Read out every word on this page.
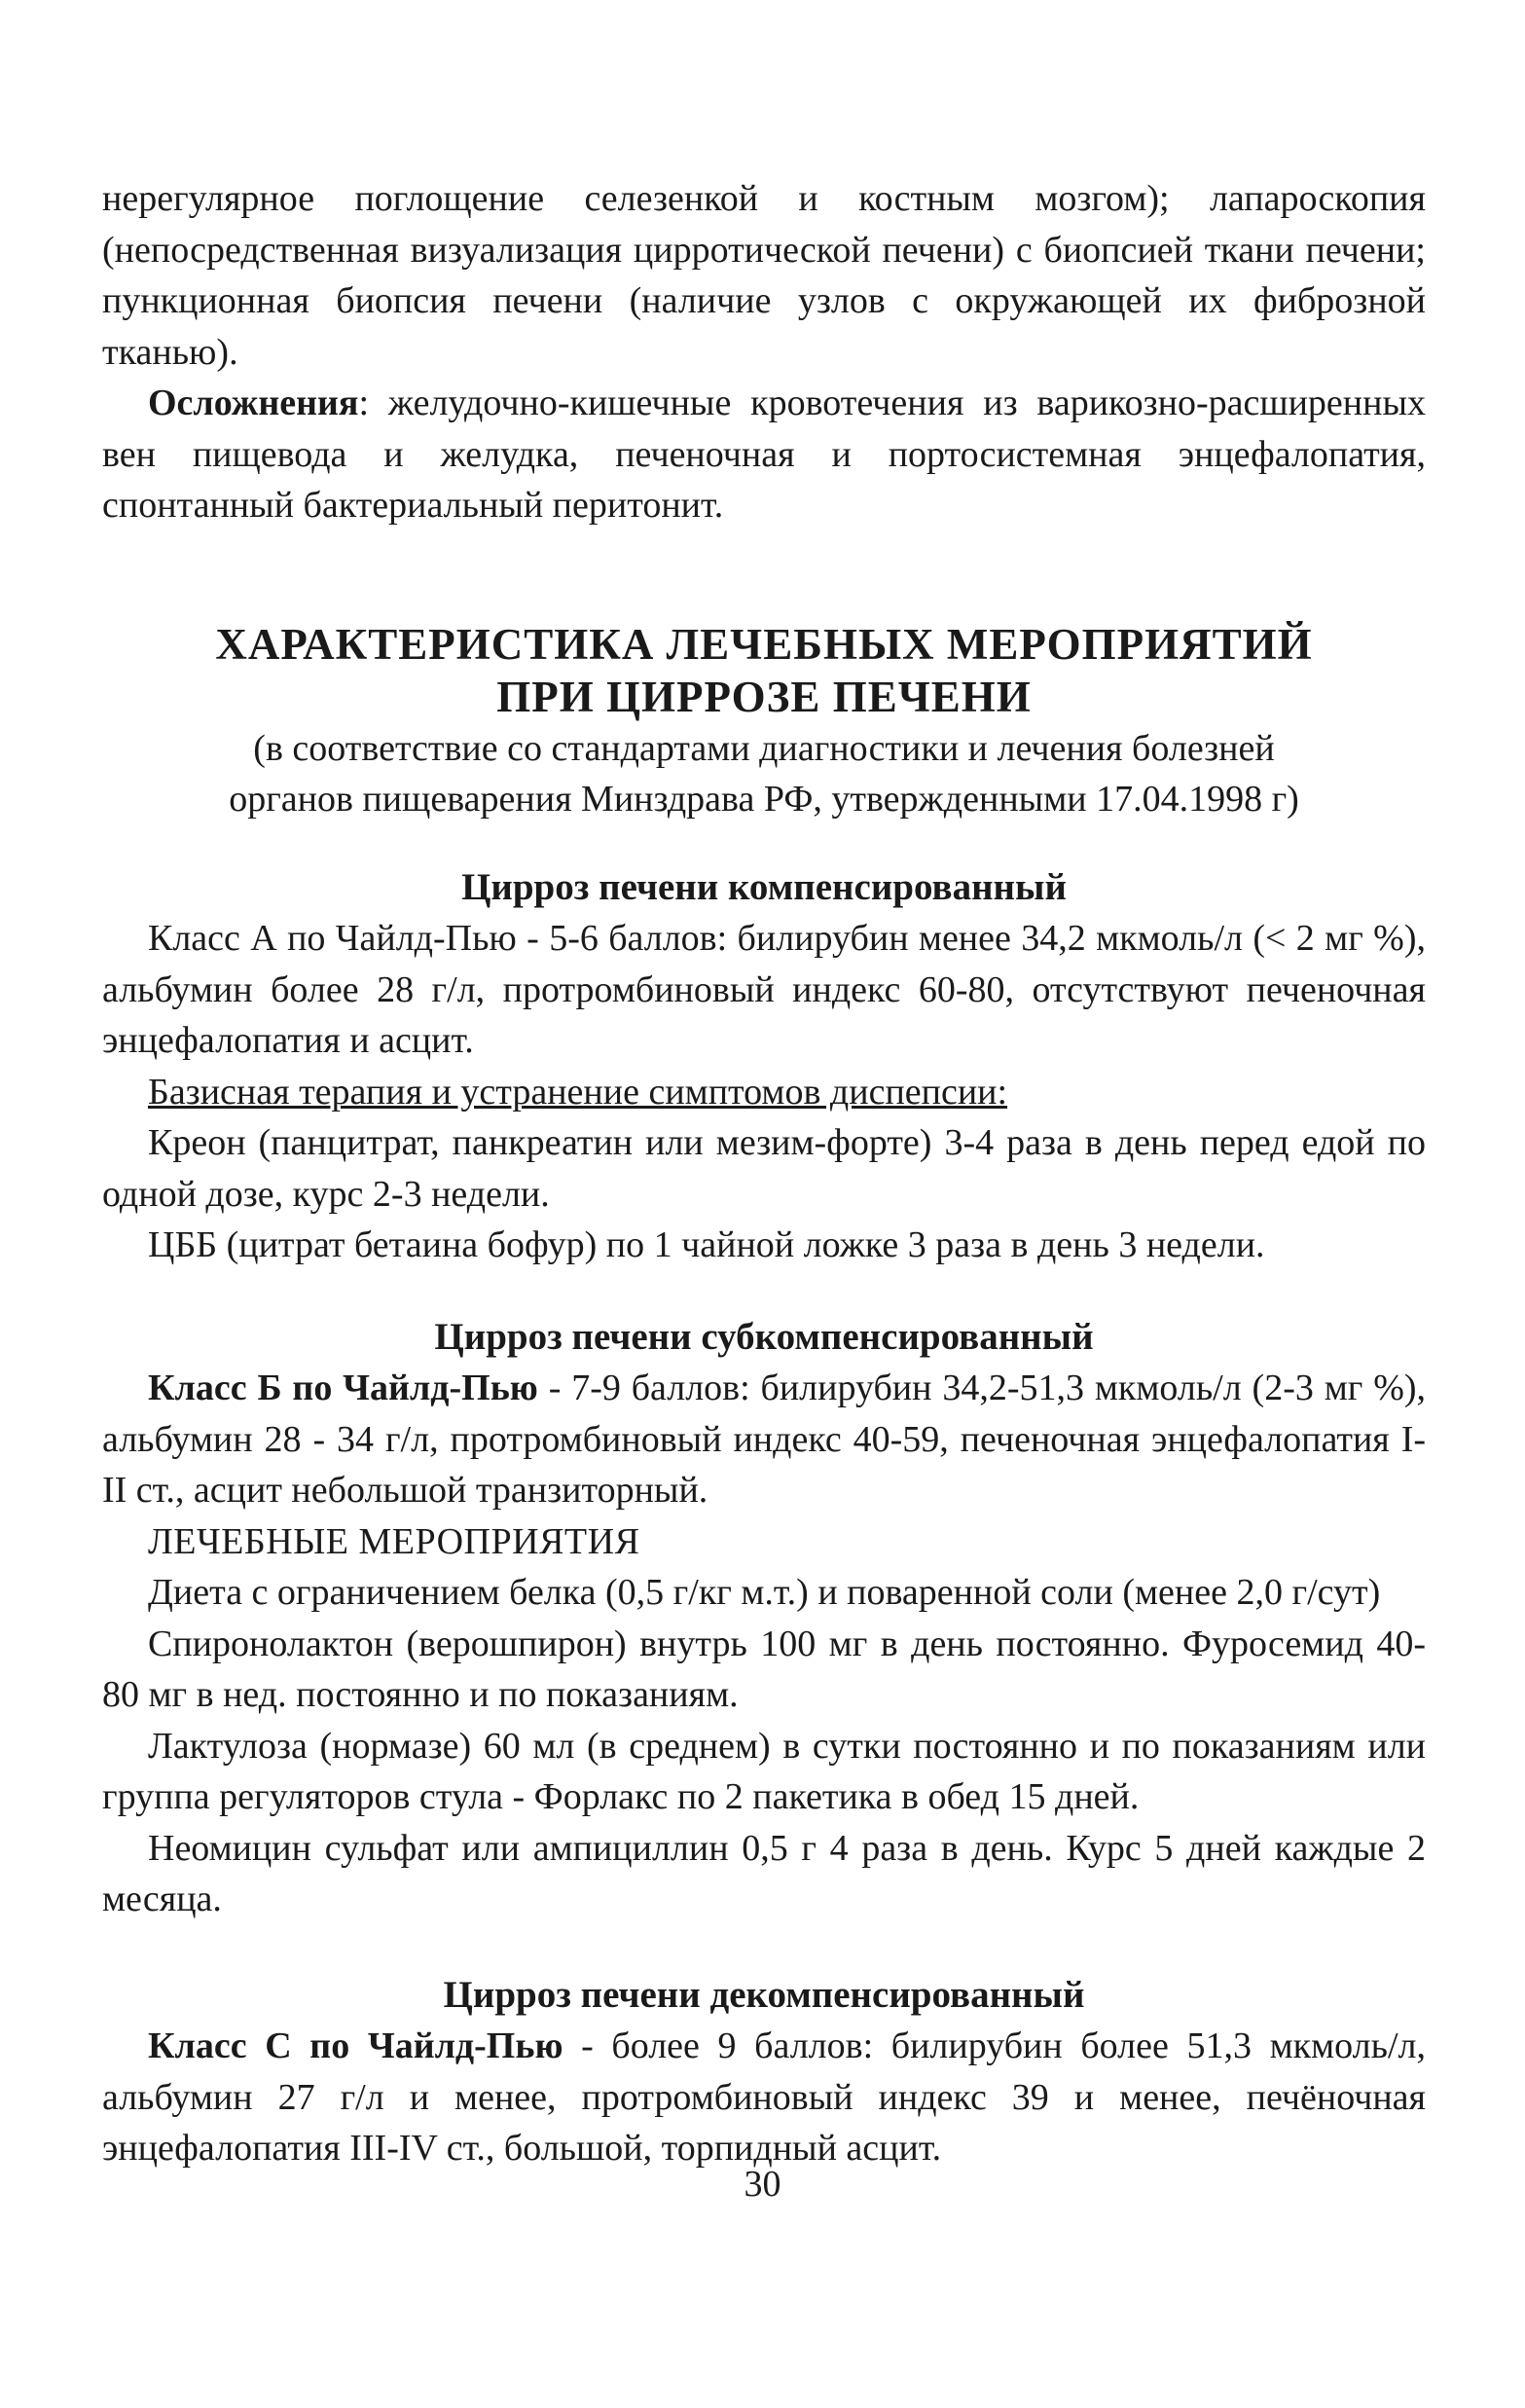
нерегулярное поглощение селезенкой и костным мозгом); лапароскопия (непосредственная визуализация цирротической печени) с биопсией ткани печени; пункционная биопсия печени (наличие узлов с окружающей их фиброзной тканью).

Осложнения: желудочно-кишечные кровотечения из варикозно-расширенных вен пищевода и желудка, печеночная и портосистемная энцефалопатия, спонтанный бактериальный перитонит.

ХАРАКТЕРИСТИКА ЛЕЧЕБНЫХ МЕРОПРИЯТИЙ
ПРИ ЦИРРОЗЕ ПЕЧЕНИ
(в соответствие со стандартами диагностики и лечения болезней
органов пищеварения Минздрава РФ, утвержденными 17.04.1998 г)
Цирроз печени компенсированный

Класс А по Чайлд-Пью - 5-6 баллов: билирубин менее 34,2 мкмоль/л (< 2 мг %), альбумин более 28 г/л, протромбиновый индекс 60-80, отсутствуют печеночная энцефалопатия и асцит.

Базисная терапия и устранение симптомов диспепсии:

Креон (панцитрат, панкреатин или мезим-форте) 3-4 раза в день перед едой по одной дозе, курс 2-3 недели.

ЦББ (цитрат бетаина бофур) по 1 чайной ложке 3 раза в день 3 недели.

Цирроз печени субкомпенсированный

Класс Б по Чайлд-Пью - 7-9 баллов: билирубин 34,2-51,3 мкмоль/л (2-3 мг %), альбумин 28 - 34 г/л, протромбиновый индекс 40-59, печеночная энцефалопатия I-II ст., асцит небольшой транзиторный.

ЛЕЧЕБНЫЕ МЕРОПРИЯТИЯ

Диета с ограничением белка (0,5 г/кг м.т.) и поваренной соли (менее 2,0 г/сут)

Спиронолактон (верошпирон) внутрь 100 мг в день постоянно. Фуросемид 40-80 мг в нед. постоянно и по показаниям.

Лактулоза (нормазе) 60 мл (в среднем) в сутки постоянно и по показаниям или группа регуляторов стула - Форлакс по 2 пакетика в обед 15 дней.

Неомицин сульфат или ампициллин 0,5 г 4 раза в день. Курс 5 дней каждые 2 месяца.

Цирроз печени декомпенсированный

Класс С по Чайлд-Пью - более 9 баллов: билирубин более 51,3 мкмоль/л, альбумин 27 г/л и менее, протромбиновый индекс 39 и менее, печёночная энцефалопатия III-IV ст., большой, торпидный асцит.

30
